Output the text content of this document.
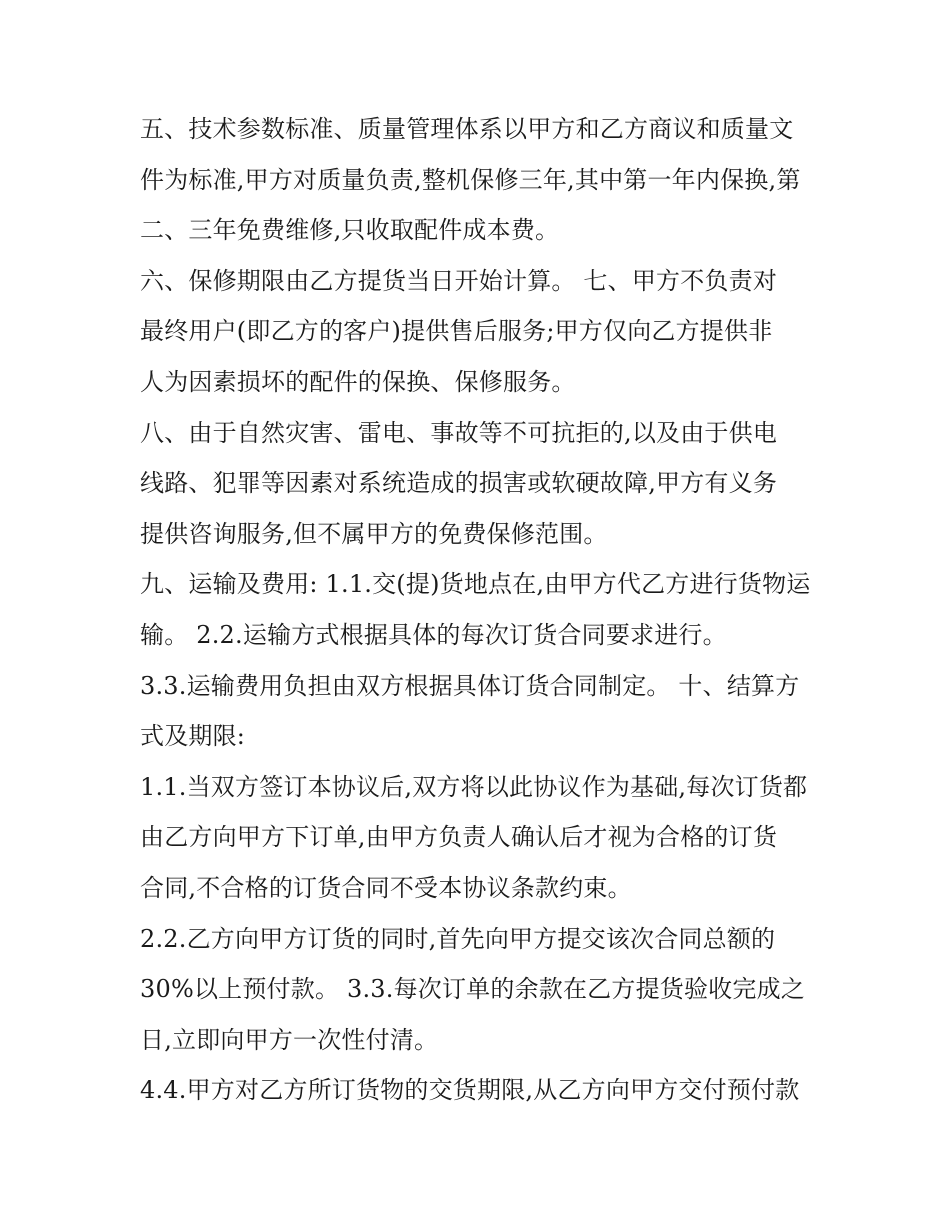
五、技术参数标准、质量管理体系以甲方和乙方商议和质量文
件为标准,甲方对质量负责,整机保修三年,其中第一年内保换,第
二、三年免费维修,只收取配件成本费。
六、保修期限由乙方提货当日开始计算。 七、甲方不负责对
最终用户(即乙方的客户)提供售后服务;甲方仅向乙方提供非
人为因素损坏的配件的保换、保修服务。
八、由于自然灾害、雷电、事故等不可抗拒的,以及由于供电
线路、犯罪等因素对系统造成的损害或软硬故障,甲方有义务
提供咨询服务,但不属甲方的免费保修范围。
九、运输及费用: 1.1.交(提)货地点在,由甲方代乙方进行货物运
输。 2.2.运输方式根据具体的每次订货合同要求进行。
3.3.运输费用负担由双方根据具体订货合同制定。 十、结算方
式及期限:
1.1.当双方签订本协议后,双方将以此协议作为基础,每次订货都
由乙方向甲方下订单,由甲方负责人确认后才视为合格的订货
合同,不合格的订货合同不受本协议条款约束。
2.2.乙方向甲方订货的同时,首先向甲方提交该次合同总额的
30%以上预付款。 3.3.每次订单的余款在乙方提货验收完成之
日,立即向甲方一次性付清。
4.4.甲方对乙方所订货物的交货期限,从乙方向甲方交付预付款
